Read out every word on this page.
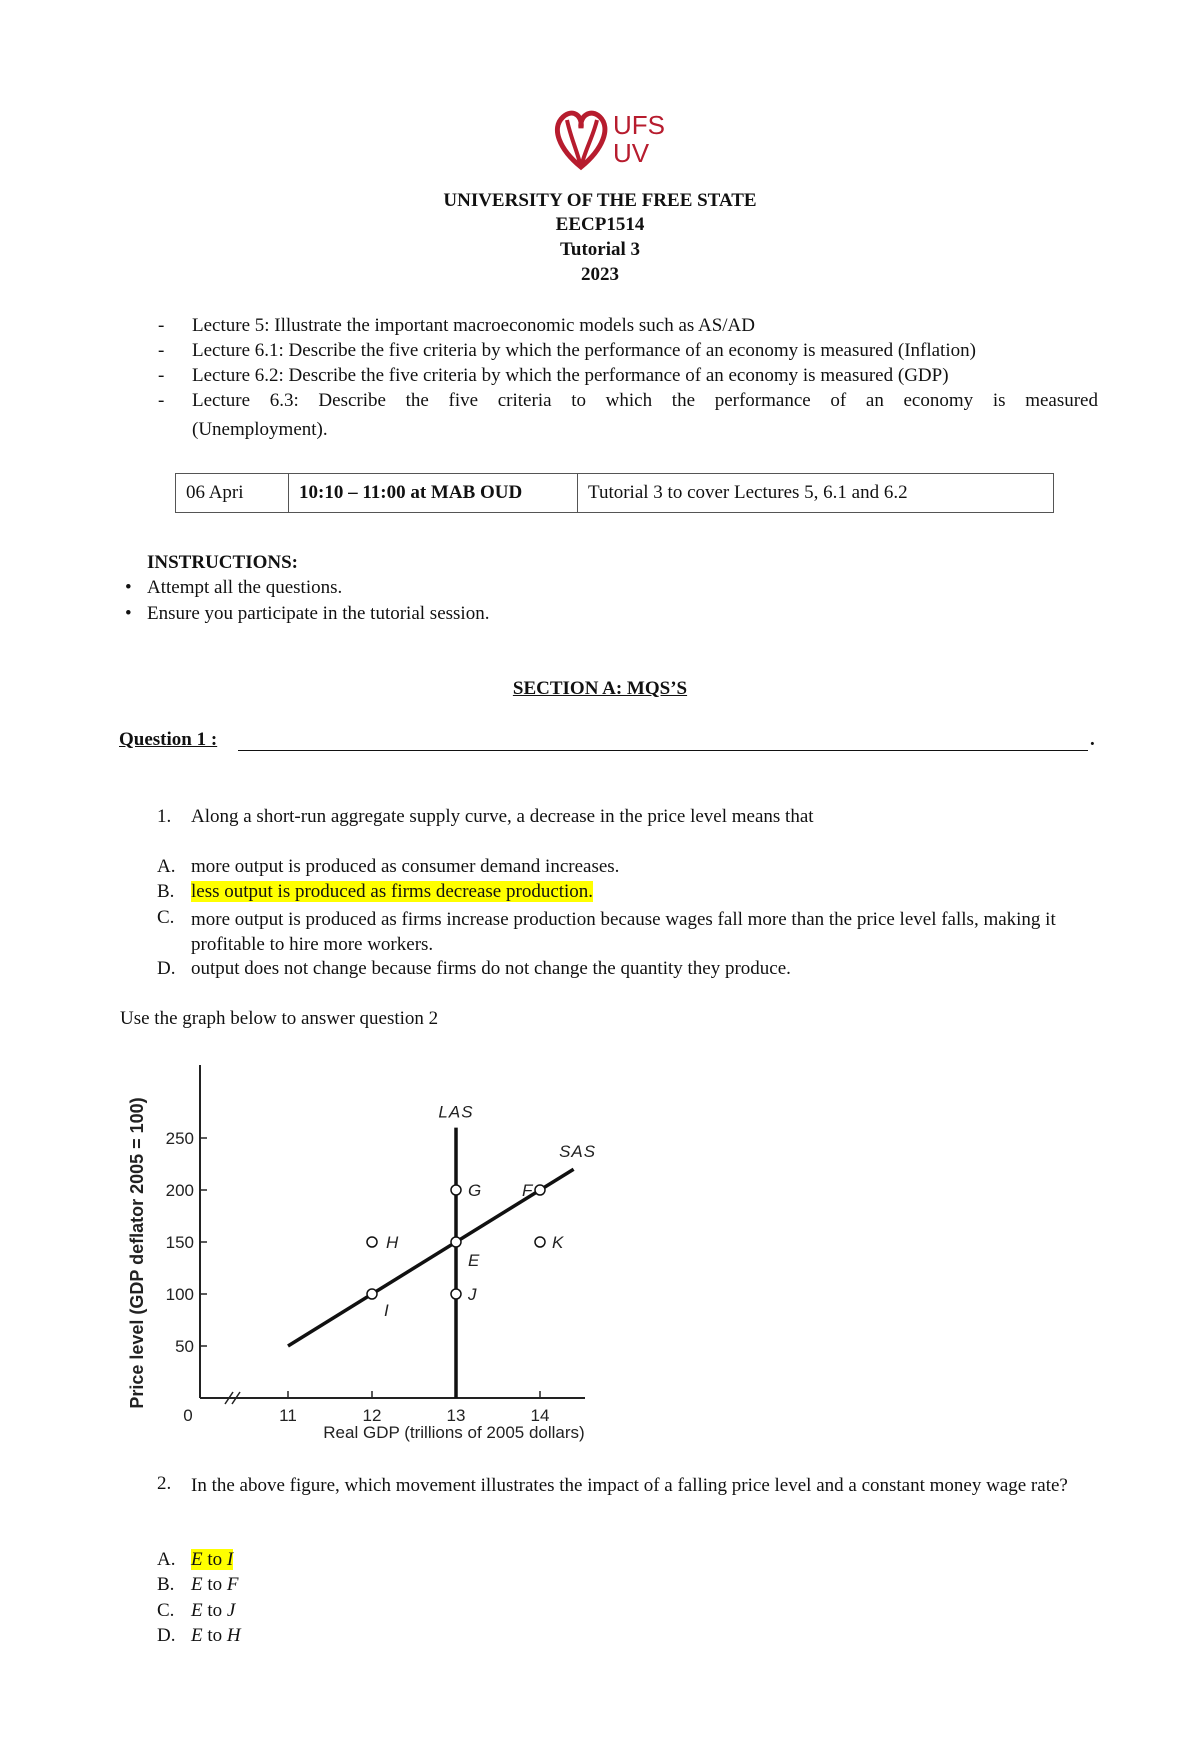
UFS
UV
UNIVERSITY OF THE FREE STATE
EECP1514
Tutorial 3
2023
- Lecture 5: Illustrate the important macroeconomic models such as AS/AD
- Lecture 6.1: Describe the five criteria by which the performance of an economy is measured (Inflation)
- Lecture 6.2: Describe the five criteria by which the performance of an economy is measured (GDP)
- Lecture 6.3: Describe the five criteria to which the performance of an economy is measured
(Unemployment).
06 Apri	10:10 – 11:00 at MAB OUD	Tutorial 3 to cover Lectures 5, 6.1 and 6.2
INSTRUCTIONS:
• Attempt all the questions.
• Ensure you participate in the tutorial session.
SECTION A: MQS’S
Question 1 :	.
1. Along a short-run aggregate supply curve, a decrease in the price level means that
A. more output is produced as consumer demand increases.
B. less output is produced as firms decrease production.
C. more output is produced as firms increase production because wages fall more than the price level falls, making it profitable to hire more workers.
D. output does not change because firms do not change the quantity they produce.
Use the graph below to answer question 2
50
100
150
200
250
0	11	12	13	14
LAS
SAS
G F
H
E
K
I
J
Price level (GDP deflator 2005 = 100)
Real GDP (trillions of 2005 dollars)
2. In the above figure, which movement illustrates the impact of a falling price level and a constant money wage rate?
A. E to I
B. E to F
C. E to J
D. E to H
